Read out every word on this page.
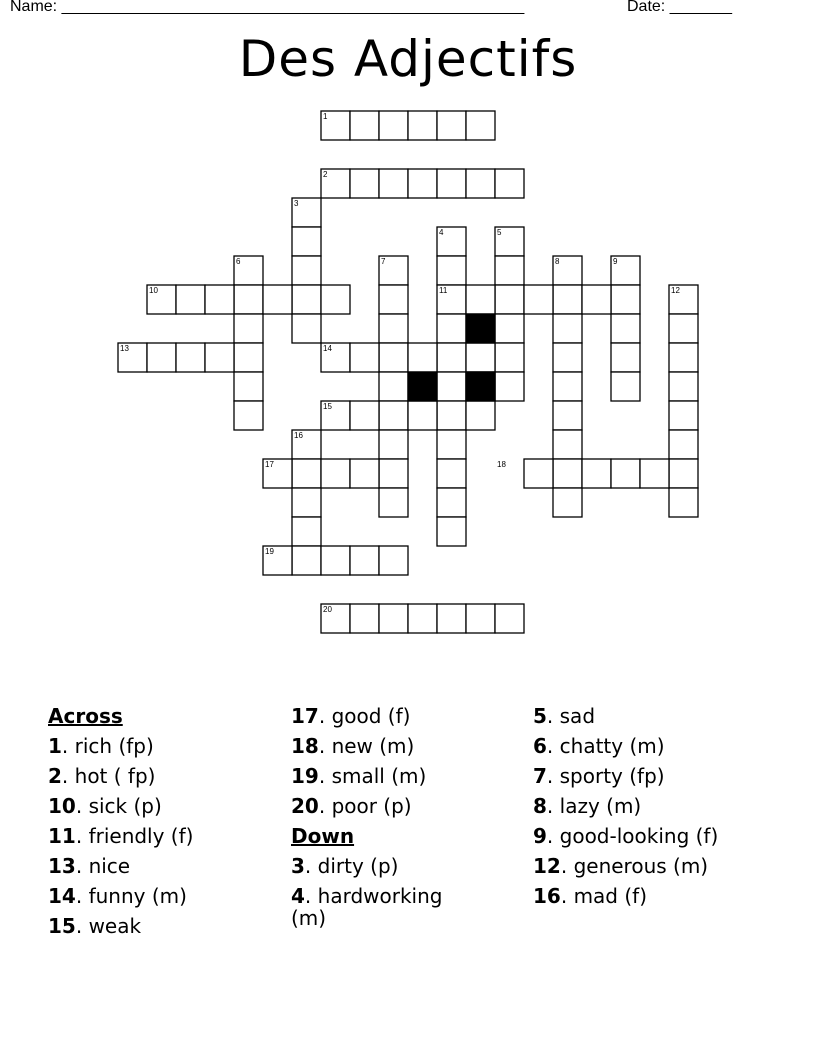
Name: ____________________________________________________	Date: _______
Des Adjectifs
1
2
3
4	5
6	7	8	9
10	11	12
13	14
15
16
17	18
19
20
Across
1. rich (fp)
2. hot ( fp)
10. sick (p)
11. friendly (f)
13. nice
14. funny (m)
15. weak
17. good (f)
18. new (m)
19. small (m)
20. poor (p)
Down
3. dirty (p)
4. hardworking (m)
5. sad
6. chatty (m)
7. sporty (fp)
8. lazy (m)
9. good-looking (f)
12. generous (m)
16. mad (f)
